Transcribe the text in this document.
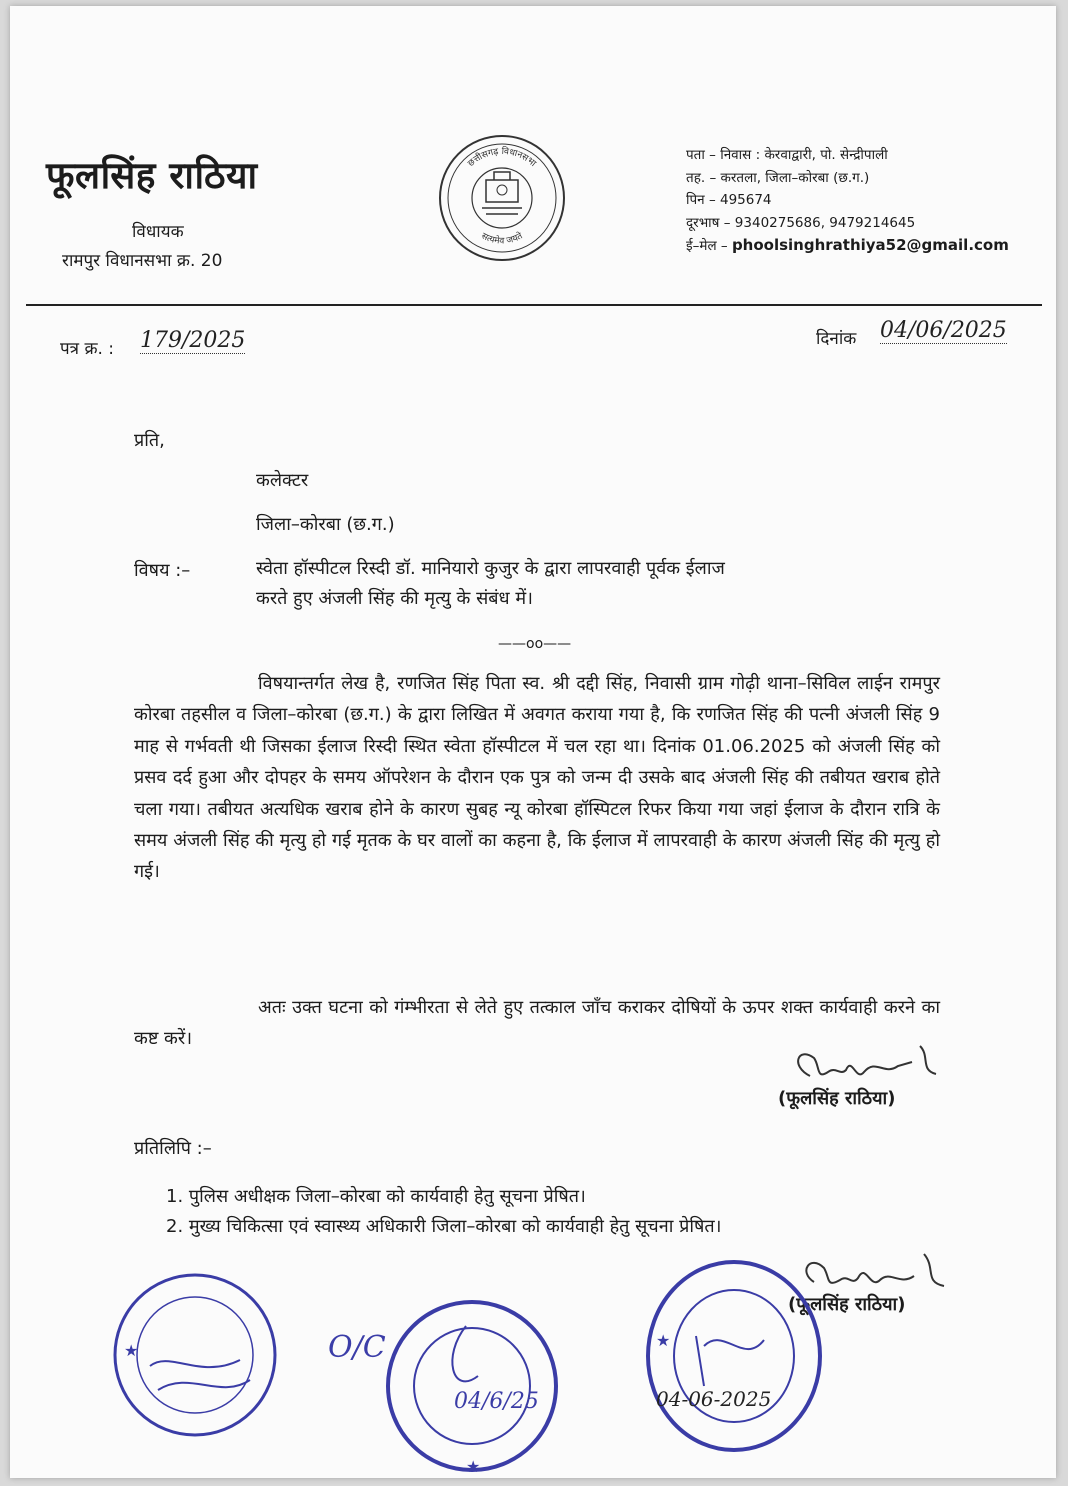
फूलसिंह राठिया
विधायक
रामपुर विधानसभा क्र. 20
छत्तीसगढ़ विधानसभा
सत्यमेव जयते
पता – निवास : केरवाद्वारी, पो. सेन्द्रीपाली
तह. – करतला, जिला–कोरबा (छ.ग.)
पिन – 495674
दूरभाष – 9340275686, 9479214645
ई–मेल – phoolsinghrathiya52@gmail.com
पत्र क्र. : 179/2025	दिनांक 04/06/2025
प्रति,
कलेक्टर
जिला–कोरबा (छ.ग.)
विषय :–	स्वेता हॉस्पीटल रिस्दी डॉ. मानियारो कुजुर के द्वारा लापरवाही पूर्वक ईलाज
करते हुए अंजली सिंह की मृत्यु के संबंध में।
——oo——
विषयान्तर्गत लेख है, रणजित सिंह पिता स्व. श्री दद्दी सिंह, निवासी ग्राम गोढ़ी थाना–सिविल लाईन रामपुर कोरबा तहसील व जिला–कोरबा (छ.ग.) के द्वारा लिखित में अवगत कराया गया है, कि रणजित सिंह की पत्नी अंजली सिंह 9 माह से गर्भवती थी जिसका ईलाज रिस्दी स्थित स्वेता हॉस्पीटल में चल रहा था। दिनांक 01.06.2025 को अंजली सिंह को प्रसव दर्द हुआ और दोपहर के समय ऑपरेशन के दौरान एक पुत्र को जन्म दी उसके बाद अंजली सिंह की तबीयत खराब होते चला गया। तबीयत अत्यधिक खराब होने के कारण सुबह न्यू कोरबा हॉस्पिटल रिफर किया गया जहां ईलाज के दौरान रात्रि के समय अंजली सिंह की मृत्यु हो गई मृतक के घर वालों का कहना है, कि ईलाज में लापरवाही के कारण अंजली सिंह की मृत्यु हो गई।
अतः उक्त घटना को गंम्भीरता से लेते हुए तत्काल जाँच कराकर दोषियों के ऊपर शक्त कार्यवाही करने का कष्ट करें।
(फूलसिंह राठिया)
प्रतिलिपि :–
1. पुलिस अधीक्षक जिला–कोरबा को कार्यवाही हेतु सूचना प्रेषित।
2. मुख्य चिकित्सा एवं स्वास्थ्य अधिकारी जिला–कोरबा को कार्यवाही हेतु सूचना प्रेषित।
(फूलसिंह राठिया)
★	O/C
★
04/6/25
★
04-06-2025
